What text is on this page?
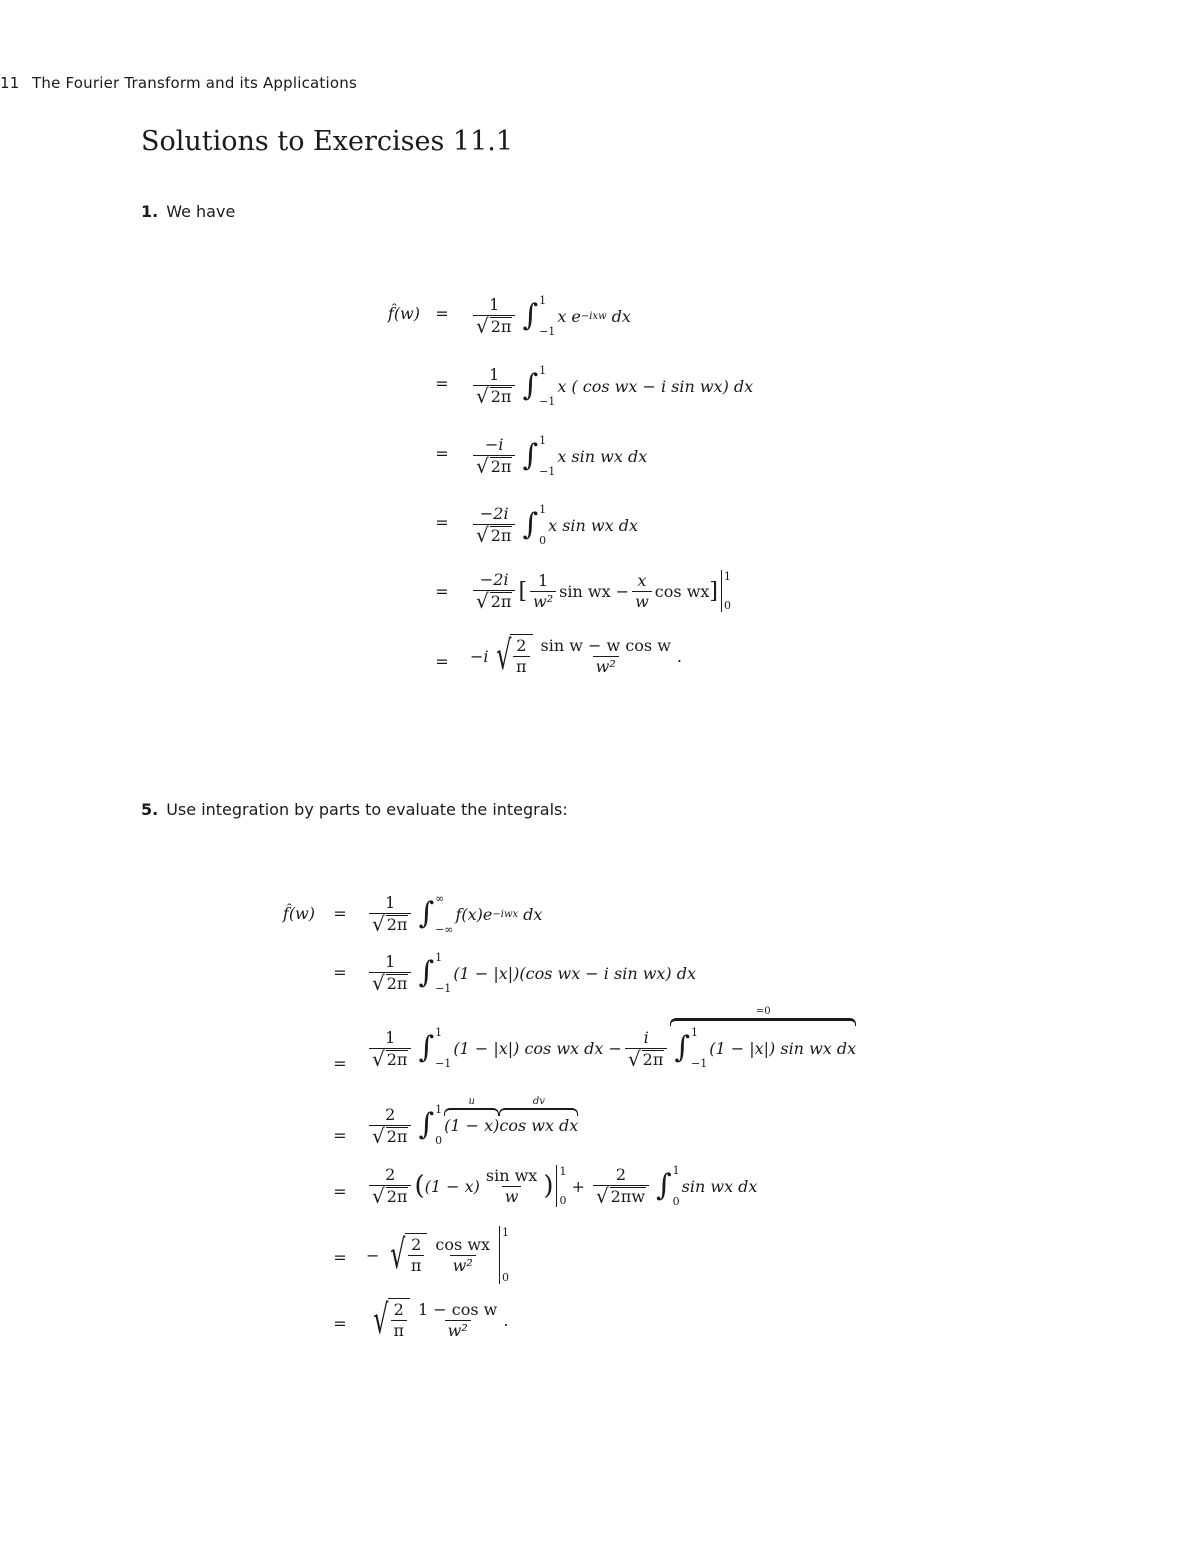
11 The Fourier Transform and its Applications
Solutions to Exercises 11.1
1. We have
f̂(w) = $\frac{1}{√ 2\pi}$ ∫ 1
−1
x e −ixw dx
= $\frac{1}{√ 2\pi}$ ∫ 1
−1
x ( cos wx − i sin wx) dx
= $\frac{-i}{√ 2\pi}$ ∫ 1
−1
x sin wx dx
= $\frac{-2i}{√ 2\pi}$ ∫ 1
0
x sin wx dx
= $\frac{-2i}{√ 2\pi}$ [ $\frac{1}{\text{w²}}$ sin wx − $\frac{x}{w}$ cos wx ]
1
0
= −i √ $\frac{2}{\pi} \frac{\text{sin w − w cos w}}{\text{w²}}$ .
5. Use integration by parts to evaluate the integrals:
f̂(w) = $\frac{1}{√ 2\pi}$ ∫ ∞
−∞
f(x)e −iwx dx
= $\frac{1}{√ 2\pi}$ ∫ 1
−1
(1 − |x|)(cos wx − i sin wx) dx
= $\frac{1}{√ 2\pi}$ ∫ 1
−1
(1 − |x|) cos wx dx − $\frac{i}{√ 2\pi}$
=0
∫ 1
−1
(1 − |x|) sin wx dx
= $\frac{2}{√ 2\pi}$ ∫ 1
0
u
(1 − x)
dv
cos wx dx
= $\frac{2}{√ 2\pi}$ ( $(1 - x) \frac{\text{sin wx}}{w}$ ) 1
0
+ $\frac{2}{√ 2\pi w}$ ∫ 1
0
sin wx dx
= − √ $\frac{2}{\pi} \frac{\text{cos wx}}{\text{w²}}$
1
0
= √ $\frac{2}{\pi} \frac{\text{1 − cos w}}{\text{w²}}$ .
